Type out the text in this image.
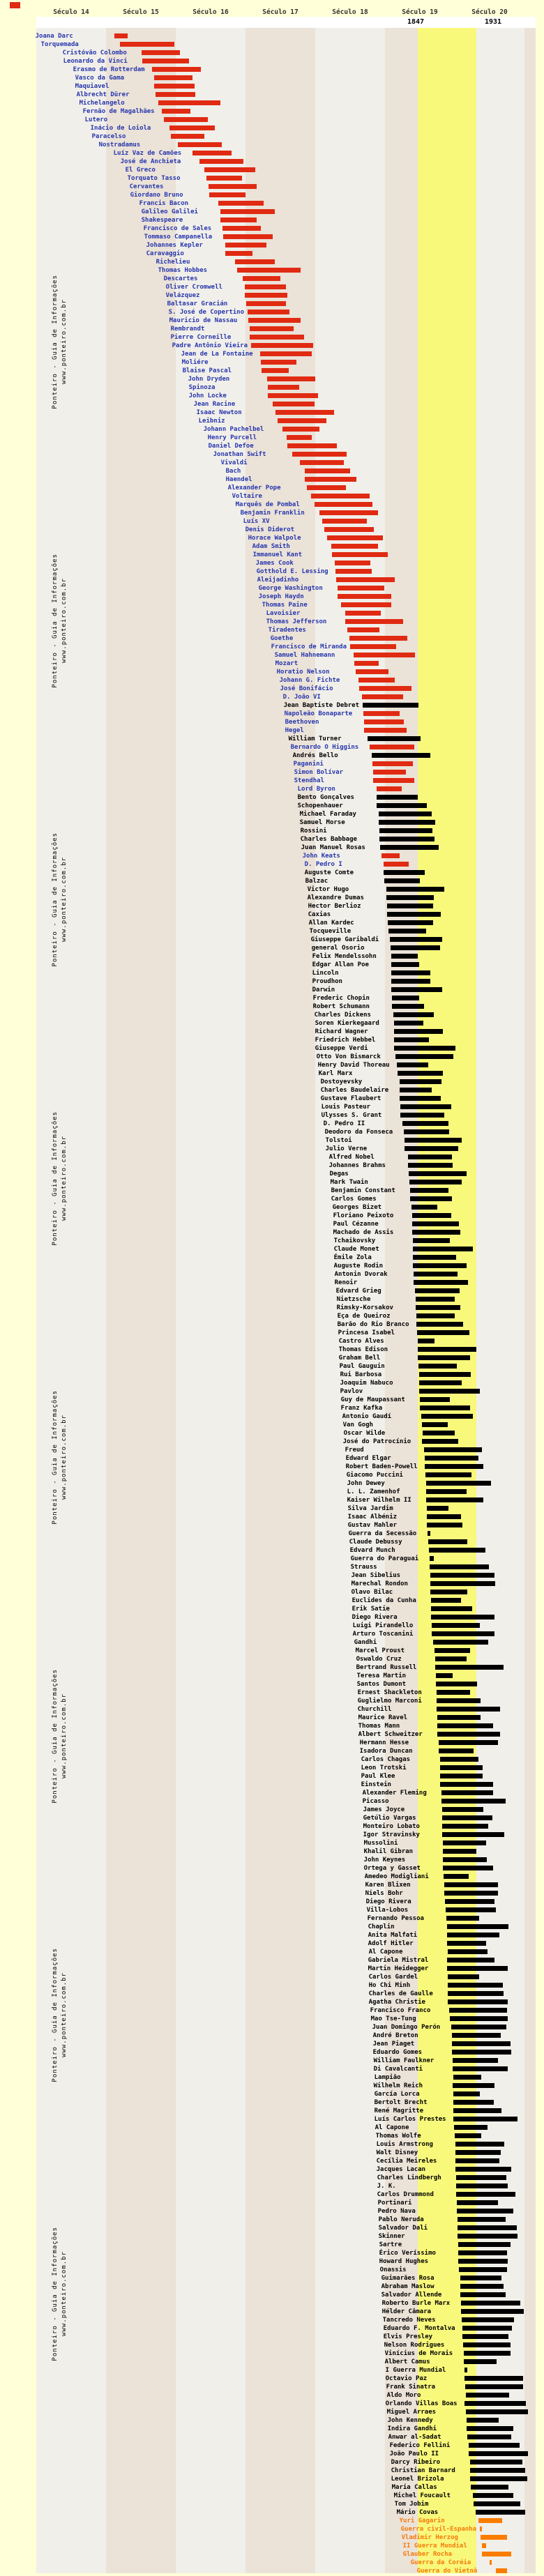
Século 14	Século 15	Século 16	Século 17	Século 18	Século 19	Século 20
1847	1931
Joana Darc
Torquemada
Cristóvão Colombo
Leonardo da Vinci
Erasmo de Rotterdam
Vasco da Gama
Maquiavel
Albrecht Dürer
Michelangelo
Fernão de Magalhães
Lutero
Inácio de Loiola
Paracelso
Nostradamus
Luíz Vaz de Camões
José de Anchieta
El Greco
Torquato Tasso
Cervantes
Giordano Bruno
Francis Bacon
Galileo Galilei
Shakespeare
Francisco de Sales
Tommaso Campanella
Johannes Kepler
Caravaggio
Richelieu
Thomas Hobbes
Descartes
Oliver Cromwell
Velázquez
Baltasar Gracián
S. José de Copertino
Mauricio de Nassau
Rembrandt
Pierre Corneille
Padre Antônio Vieira
Jean de La Fontaine
Moliére
Blaise Pascal
John Dryden
Spinoza
John Locke
Jean Racine
Isaac Newton
Leibniz
Johann Pachelbel
Henry Purcell
Daniel Defoe
Jonathan Swift
Vivaldi
Bach
Haendel
Alexander Pope
Voltaire
Marquês de Pombal
Benjamin Franklin
Luís XV
Denis Diderot
Horace Walpole
Adam Smith
Immanuel Kant
James Cook
Gotthold E. Lessing
Aleijadinho
George Washington
Joseph Haydn
Thomas Paine
Lavoisier
Thomas Jefferson
Tiradentes
Goethe
Francisco de Miranda
Samuel Hahnemann
Mozart
Horatio Nelson
Johann G. Fichte
José Bonifácio
D. João VI
Jean Baptiste Debret
Napoleão Bonaparte
Beethoven
Hegel
William Turner
Bernardo O Higgins
Andrés Bello
Paganini
Simon Bolívar
Stendhal
Lord Byron
Bento Gonçalves
Schopenhauer
Michael Faraday
Samuel Morse
Rossini
Charles Babbage
Juan Manuel Rosas
John Keats
D. Pedro I
Auguste Comte
Balzac
Victor Hugo
Alexandre Dumas
Hector Berlioz
Caxias
Allan Kardec
Tocqueville
Giuseppe Garibaldi
general Osorio
Felix Mendelssohn
Edgar Allan Poe
Lincoln
Proudhon
Darwin
Frederic Chopin
Robert Schumann
Charles Dickens
Soren Kierkegaard
Richard Wagner
Friedrich Hebbel
Giuseppe Verdi
Otto Von Bismarck
Henry David Thoreau
Karl Marx
Dostoyevsky
Charles Baudelaire
Gustave Flaubert
Louis Pasteur
Ulysses S. Grant
D. Pedro II
Deodoro da Fonseca
Tolstoi
Julio Verne
Alfred Nobel
Johannes Brahms
Degas
Mark Twain
Benjamin Constant
Carlos Gomes
Georges Bizet
Floriano Peixoto
Paul Cézanne
Machado de Assis
Tchaikovsky
Claude Monet
Émile Zola
Auguste Rodin
Antonin Dvorak
Renoir
Edvard Grieg
Nietzsche
Rimsky-Korsakov
Eça de Queiroz
Barão do Rio Branco
Princesa Isabel
Castro Alves
Thomas Edison
Graham Bell
Paul Gauguin
Rui Barbosa
Joaquim Nabuco
Pavlov
Guy de Maupassant
Franz Kafka
Antonio Gaudí
Van Gogh
Oscar Wilde
José do Patrocínio
Freud
Edward Elgar
Robert Baden-Powell
Giacomo Puccini
John Dewey
L. L. Zamenhof
Kaiser Wilhelm II
Silva Jardim
Isaac Albéniz
Gustav Mahler
Guerra da Secessão
Claude Debussy
Edvard Munch
Guerra do Paraguai
Strauss
Jean Sibelius
Marechal Rondon
Olavo Bilac
Euclides da Cunha
Erik Satie
Diego Rivera
Luigi Pirandello
Arturo Toscanini
Gandhi
Marcel Proust
Oswaldo Cruz
Bertrand Russell
Teresa Martin
Santos Dumont
Ernest Shackleton
Guglielmo Marconi
Churchill
Maurice Ravel
Thomas Mann
Albert Schweitzer
Hermann Hesse
Isadora Duncan
Carlos Chagas
Leon Trotski
Paul Klee
Einstein
Alexander Fleming
Picasso
James Joyce
Getúlio Vargas
Monteiro Lobato
Igor Stravinsky
Mussolini
Khalil Gibran
John Keynes
Ortega y Gasset
Amedeo Modigliani
Karen Blixen
Niels Bohr
Diego Rivera
Villa-Lobos
Fernando Pessoa
Chaplin
Anita Malfati
Adolf Hitler
Al Capone
Gabriela Mistral
Martin Heidegger
Carlos Gardel
Ho Chi Minh
Charles de Gaulle
Agatha Christie
Francisco Franco
Mao Tse-Tung
Juan Domingo Perón
André Breton
Jean Piaget
Eduardo Gomes
William Faulkner
Di Cavalcanti
Lampião
Wilhelm Reich
García Lorca
Bertolt Brecht
René Magritte
Luís Carlos Prestes
Al Capone
Thomas Wolfe
Louis Armstrong
Walt Disney
Cecília Meireles
Jacques Lacan
Charles Lindbergh
J. K.
Carlos Drummond
Portinari
Pedro Nava
Pablo Neruda
Salvador Dali
Skinner
Sartre
Érico Veríssimo
Howard Hughes
Onassis
Guimarães Rosa
Abraham Maslow
Salvador Allende
Roberto Burle Marx
Hélder Câmara
Tancredo Neves
Eduardo F. Montalva
Elvis Presley
Nelson Rodrigues
Vinícius de Morais
Albert Camus
I Guerra Mundial
Octavio Paz
Frank Sinatra
Aldo Moro
Orlando Villas Boas
Miguel Arraes
John Kennedy
Indira Gandhi
Anwar al-Sadat
Federico Fellini
João Paulo II
Darcy Ribeiro
Christian Barnard
Leonel Brizola
Maria Callas
Michel Foucault
Tom Jobim
Mário Covas
Yuri Gagarin
Guerra civil-Espanha
Vladimir Herzog
II Guerra Mundial
Glauber Rocha
Guerra da Coréia
Guerra do Vietnã
Ponteiro - Guia de Informações www.ponteiro.com.br
Ponteiro - Guia de Informações www.ponteiro.com.br
Ponteiro - Guia de Informações www.ponteiro.com.br
Ponteiro - Guia de Informações www.ponteiro.com.br
Ponteiro - Guia de Informações www.ponteiro.com.br
Ponteiro - Guia de Informações www.ponteiro.com.br
Ponteiro - Guia de Informações www.ponteiro.com.br
Ponteiro - Guia de Informações www.ponteiro.com.br
